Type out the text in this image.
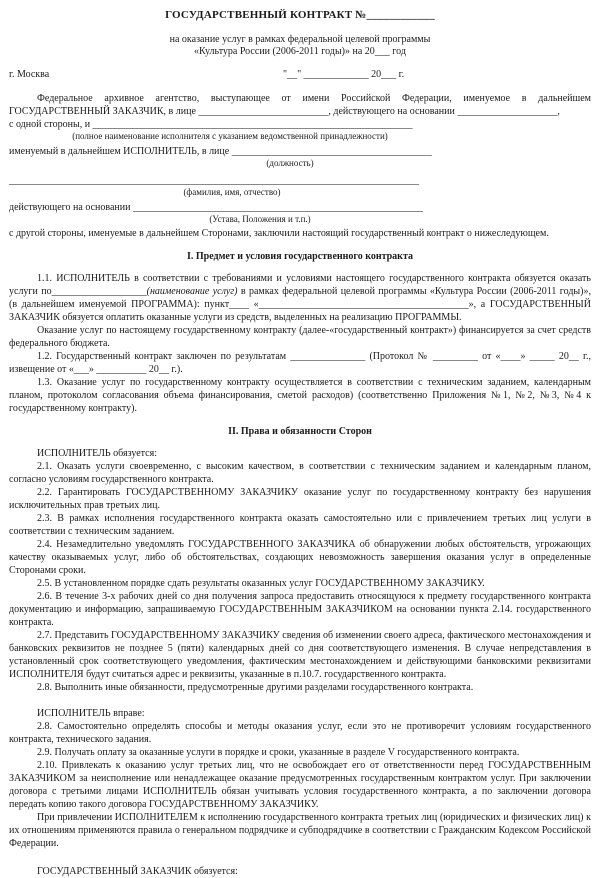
ГОСУДАРСТВЕННЫЙ КОНТРАКТ №____________
на оказание услуг в рамках федеральной целевой программы
«Культура России (2006-2011 годы)» на 20___ год
г. Москва	"__" _____________ 20___ г.

Федеральное архивное агентство, выступающее от имени Российской Федерации, именуемое в дальнейшем ГОСУДАРСТВЕННЫЙ ЗАКАЗЧИК, в лице __________________________, действующего на основании ____________________,

с одной стороны, и ________________________________________________________________
(полное наименование исполнителя с указанием ведомственной принадлежности)
именуемый в дальнейшем ИСПОЛНИТЕЛЬ, в лице ________________________________________
(должность)
__________________________________________________________________________________
(фамилия, имя, отчество)
действующего на основании __________________________________________________________
(Устава, Положения и т.п.)
с другой стороны, именуемые в дальнейшем Сторонами, заключили настоящий государственный контракт о нижеследующем.
I. Предмет и условия государственного контракта

1.1. ИСПОЛНИТЕЛЬ в соответствии с требованиями и условиями настоящего государственного контракта обязуется оказать услуги по___________________(наименование услуг) в рамках федеральной целевой программы «Культура России (2006-2011 годы)», (в дальнейшем именуемой ПРОГРАММА): пункт____ «__________________________________________», а ГОСУДАРСТВЕННЫЙ ЗАКАЗЧИК обязуется оплатить оказанные услуги из средств, выделенных на реализацию ПРОГРАММЫ.

Оказание услуг по настоящему государственному контракту (далее-«государственный контракт») финансируется за счет средств федерального бюджета.

1.2. Государственный контракт заключен по результатам _______________ (Протокол № _________ от «____» _____ 20__ г., извещение от «___» __________ 20__ г.).

1.3. Оказание услуг по государственному контракту осуществляется в соответствии с техническим заданием, календарным планом, протоколом согласования объема финансирования, сметой расходов) (соответственно Приложения №1, №2, №3, №4 к государственному контракту).

II. Права и обязанности Сторон

ИСПОЛНИТЕЛЬ обязуется:

2.1. Оказать услуги своевременно, с высоким качеством, в соответствии с техническим заданием и календарным планом, согласно условиям государственного контракта.

2.2. Гарантировать ГОСУДАРСТВЕННОМУ ЗАКАЗЧИКУ оказание услуг по государственному контракту без нарушения исключительных прав третьих лиц.

2.3. В рамках исполнения государственного контракта оказать самостоятельно или с привлечением третьих лиц услуги в соответствии с техническим заданием.

2.4. Незамедлительно уведомлять ГОСУДАРСТВЕННОГО ЗАКАЗЧИКА об обнаружении любых обстоятельств, угрожающих качеству оказываемых услуг, либо об обстоятельствах, создающих невозможность завершения оказания услуг в определенные Сторонами сроки.

2.5. В установленном порядке сдать результаты оказанных услуг ГОСУДАРСТВЕННОМУ ЗАКАЗЧИКУ.

2.6. В течение 3-х рабочих дней со дня получения запроса предоставить относящуюся к предмету государственного контракта документацию и информацию, запрашиваемую ГОСУДАРСТВЕННЫМ ЗАКАЗЧИКОМ на основании пункта 2.14. государственного контракта.

2.7. Представить ГОСУДАРСТВЕННОМУ ЗАКАЗЧИКУ сведения об изменении своего адреса, фактического местонахождения и банковских реквизитов не позднее 5 (пяти) календарных дней со дня соответствующего изменения. В случае непредставления в установленный срок соответствующего уведомления, фактическим местонахождением и действующими банковскими реквизитами ИСПОЛНИТЕЛЯ будут считаться адрес и реквизиты, указанные в п.10.7. государственного контракта.

2.8. Выполнить иные обязанности, предусмотренные другими разделами государственного контракта.

ИСПОЛНИТЕЛЬ вправе:

2.8. Самостоятельно определять способы и методы оказания услуг, если это не противоречит условиям государственного контракта, технического задания.

2.9. Получать оплату за оказанные услуги в порядке и сроки, указанные в разделе V государственного контракта.

2.10. Привлекать к оказанию услуг третьих лиц, что не освобождает его от ответственности перед ГОСУДАРСТВЕННЫМ ЗАКАЗЧИКОМ за неисполнение или ненадлежащее оказание предусмотренных государственным контрактом услуг. При заключении договора с третьими лицами ИСПОЛНИТЕЛЬ обязан учитывать условия государственного контракта, а по заключении договора передать копию такого договора ГОСУДАРСТВЕННОМУ ЗАКАЗЧИКУ.

При привлечении ИСПОЛНИТЕЛЕМ к исполнению государственного контракта третьих лиц (юридических и физических лиц) к их отношениям применяются правила о генеральном подрядчике и субподрядчике в соответствии с Гражданским Кодексом Российской Федерации.

ГОСУДАРСТВЕННЫЙ ЗАКАЗЧИК обязуется:
